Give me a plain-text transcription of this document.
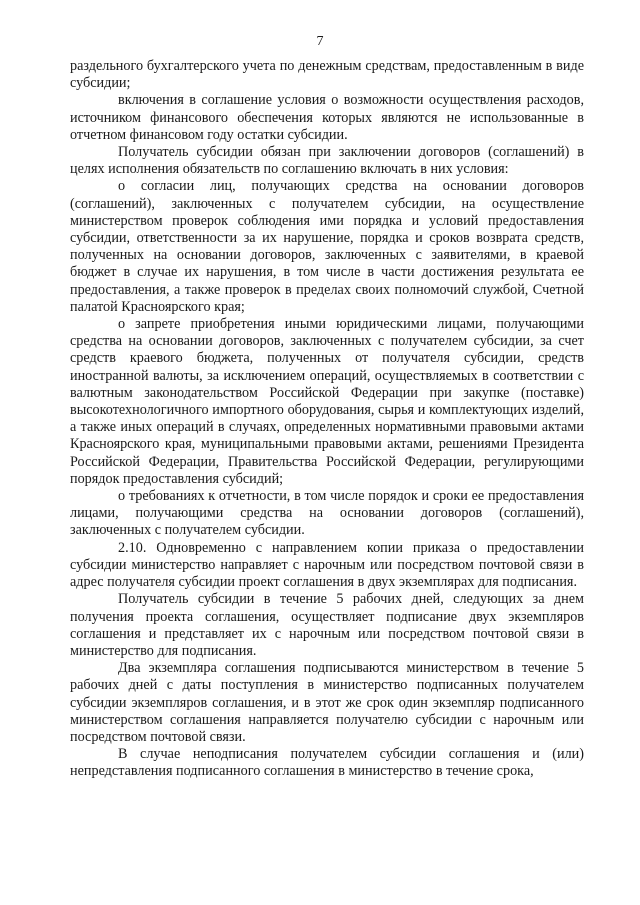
7

раздельного бухгалтерского учета по денежным средствам, предоставленным в виде субсидии;

включения в соглашение условия о возможности осуществления расходов, источником финансового обеспечения которых являются не использованные в отчетном финансовом году остатки субсидии.

Получатель субсидии обязан при заключении договоров (соглашений) в целях исполнения обязательств по соглашению включать в них условия:

о согласии лиц, получающих средства на основании договоров (соглашений), заключенных с получателем субсидии, на осуществление министерством проверок соблюдения ими порядка и условий предоставления субсидии, ответственности за их нарушение, порядка и сроков возврата средств, полученных на основании договоров, заключенных с заявителями, в краевой бюджет в случае их нарушения, в том числе в части достижения результата ее предоставления, а также проверок в пределах своих полномочий службой, Счетной палатой Красноярского края;

о запрете приобретения иными юридическими лицами, получающими средства на основании договоров, заключенных с получателем субсидии, за счет средств краевого бюджета, полученных от получателя субсидии, средств иностранной валюты, за исключением операций, осуществляемых в соответствии с валютным законодательством Российской Федерации при закупке (поставке) высокотехнологичного импортного оборудования, сырья и комплектующих изделий, а также иных операций в случаях, определенных нормативными правовыми актами Красноярского края, муниципальными правовыми актами, решениями Президента Российской Федерации, Правительства Российской Федерации, регулирующими порядок предоставления субсидий;

о требованиях к отчетности, в том числе порядок и сроки ее предоставления лицами, получающими средства на основании договоров (соглашений), заключенных с получателем субсидии.

2.10. Одновременно с направлением копии приказа о предоставлении субсидии министерство направляет с нарочным или посредством почтовой связи в адрес получателя субсидии проект соглашения в двух экземплярах для подписания.

Получатель субсидии в течение 5 рабочих дней, следующих за днем получения проекта соглашения, осуществляет подписание двух экземпляров соглашения и представляет их с нарочным или посредством почтовой связи в министерство для подписания.

Два экземпляра соглашения подписываются министерством в течение 5 рабочих дней с даты поступления в министерство подписанных получателем субсидии экземпляров соглашения, и в этот же срок один экземпляр подписанного министерством соглашения направляется получателю субсидии с нарочным или посредством почтовой связи.

В случае неподписания получателем субсидии соглашения и (или) непредставления подписанного соглашения в министерство в течение срока,
